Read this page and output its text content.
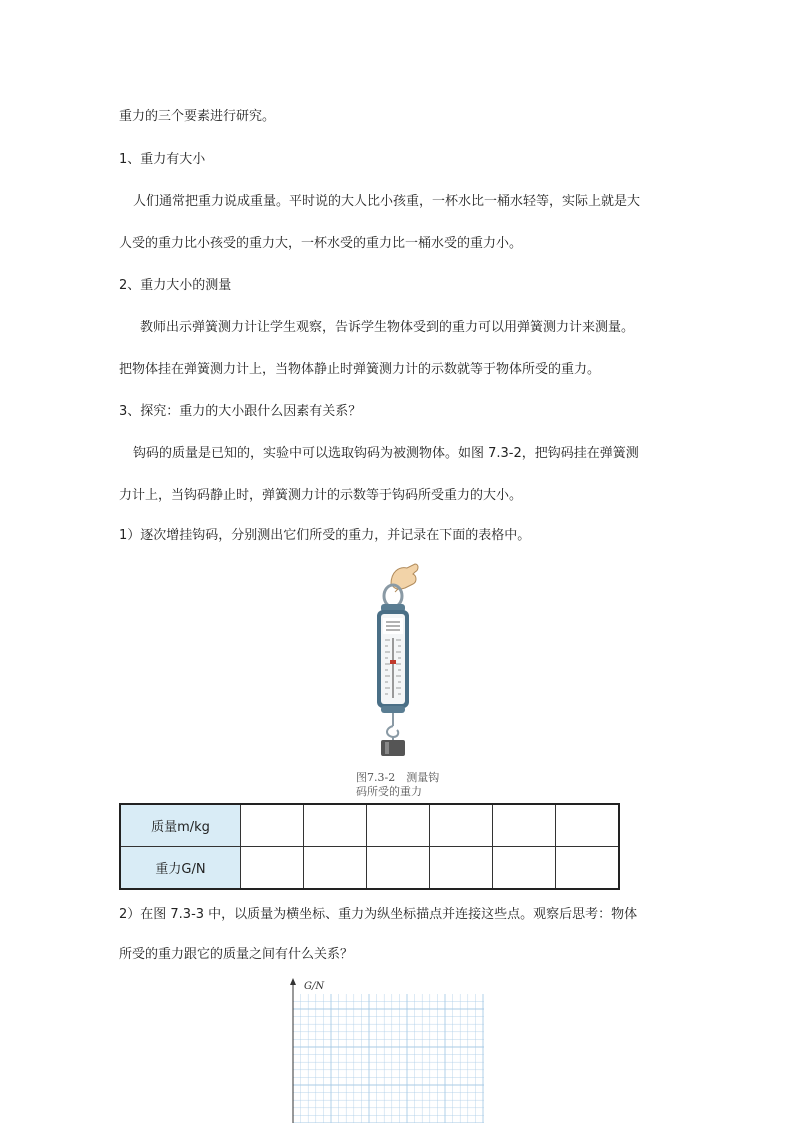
重力的三个要素进行研究。
1、重力有大小
人们通常把重力说成重量。平时说的大人比小孩重，一杯水比一桶水轻等，实际上就是大
人受的重力比小孩受的重力大，一杯水受的重力比一桶水受的重力小。
2、重力大小的测量
教师出示弹簧测力计让学生观察，告诉学生物体受到的重力可以用弹簧测力计来测量。
把物体挂在弹簧测力计上，当物体静止时弹簧测力计的示数就等于物体所受的重力。
3、探究：重力的大小跟什么因素有关系？
钩码的质量是已知的，实验中可以选取钩码为被测物体。如图 7.3-2，把钩码挂在弹簧测
力计上，当钩码静止时，弹簧测力计的示数等于钩码所受重力的大小。
1）逐次增挂钩码，分别测出它们所受的重力，并记录在下面的表格中。
图7.3-2　测量钩
码所受的重力
质量m/kg						
重力G/N						
2）在图 7.3-3 中，以质量为横坐标、重力为纵坐标描点并连接这些点。观察后思考：物体
所受的重力跟它的质量之间有什么关系？
G/N
